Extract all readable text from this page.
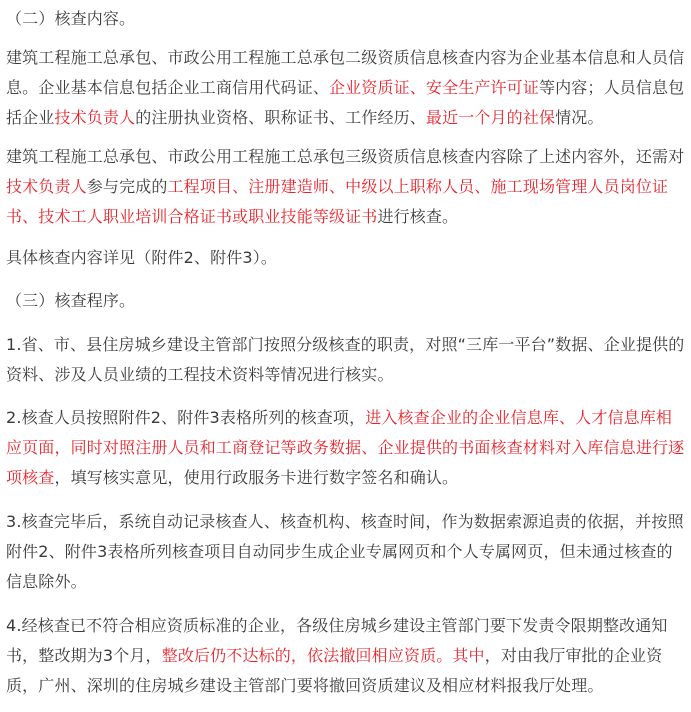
（二）核查内容。

建筑工程施工总承包、市政公用工程施工总承包二级资质信息核查内容为企业基本信息和人员信息。企业基本信息包括企业工商信用代码证、企业资质证、安全生产许可证等内容；人员信息包括企业技术负责人的注册执业资格、职称证书、工作经历、最近一个月的社保情况。

建筑工程施工总承包、市政公用工程施工总承包三级资质信息核查内容除了上述内容外，还需对技术负责人参与完成的工程项目、注册建造师、中级以上职称人员、施工现场管理人员岗位证书、技术工人职业培训合格证书或职业技能等级证书进行核查。

具体核查内容详见（附件2、附件3）。

（三）核查程序。

1.省、市、县住房城乡建设主管部门按照分级核查的职责，对照“三库一平台”数据、企业提供的资料、涉及人员业绩的工程技术资料等情况进行核实。

2.核查人员按照附件2、附件3表格所列的核查项，进入核查企业的企业信息库、人才信息库相应页面，同时对照注册人员和工商登记等政务数据、企业提供的书面核查材料对入库信息进行逐项核查，填写核实意见，使用行政服务卡进行数字签名和确认。

3.核查完毕后，系统自动记录核查人、核查机构、核查时间，作为数据索源追责的依据，并按照附件2、附件3表格所列核查项目自动同步生成企业专属网页和个人专属网页，但未通过核查的信息除外。

4.经核查已不符合相应资质标准的企业，各级住房城乡建设主管部门要下发责令限期整改通知书，整改期为3个月，整改后仍不达标的，依法撤回相应资质。其中，对由我厅审批的企业资质，广州、深圳的住房城乡建设主管部门要将撤回资质建议及相应材料报我厅处理。
